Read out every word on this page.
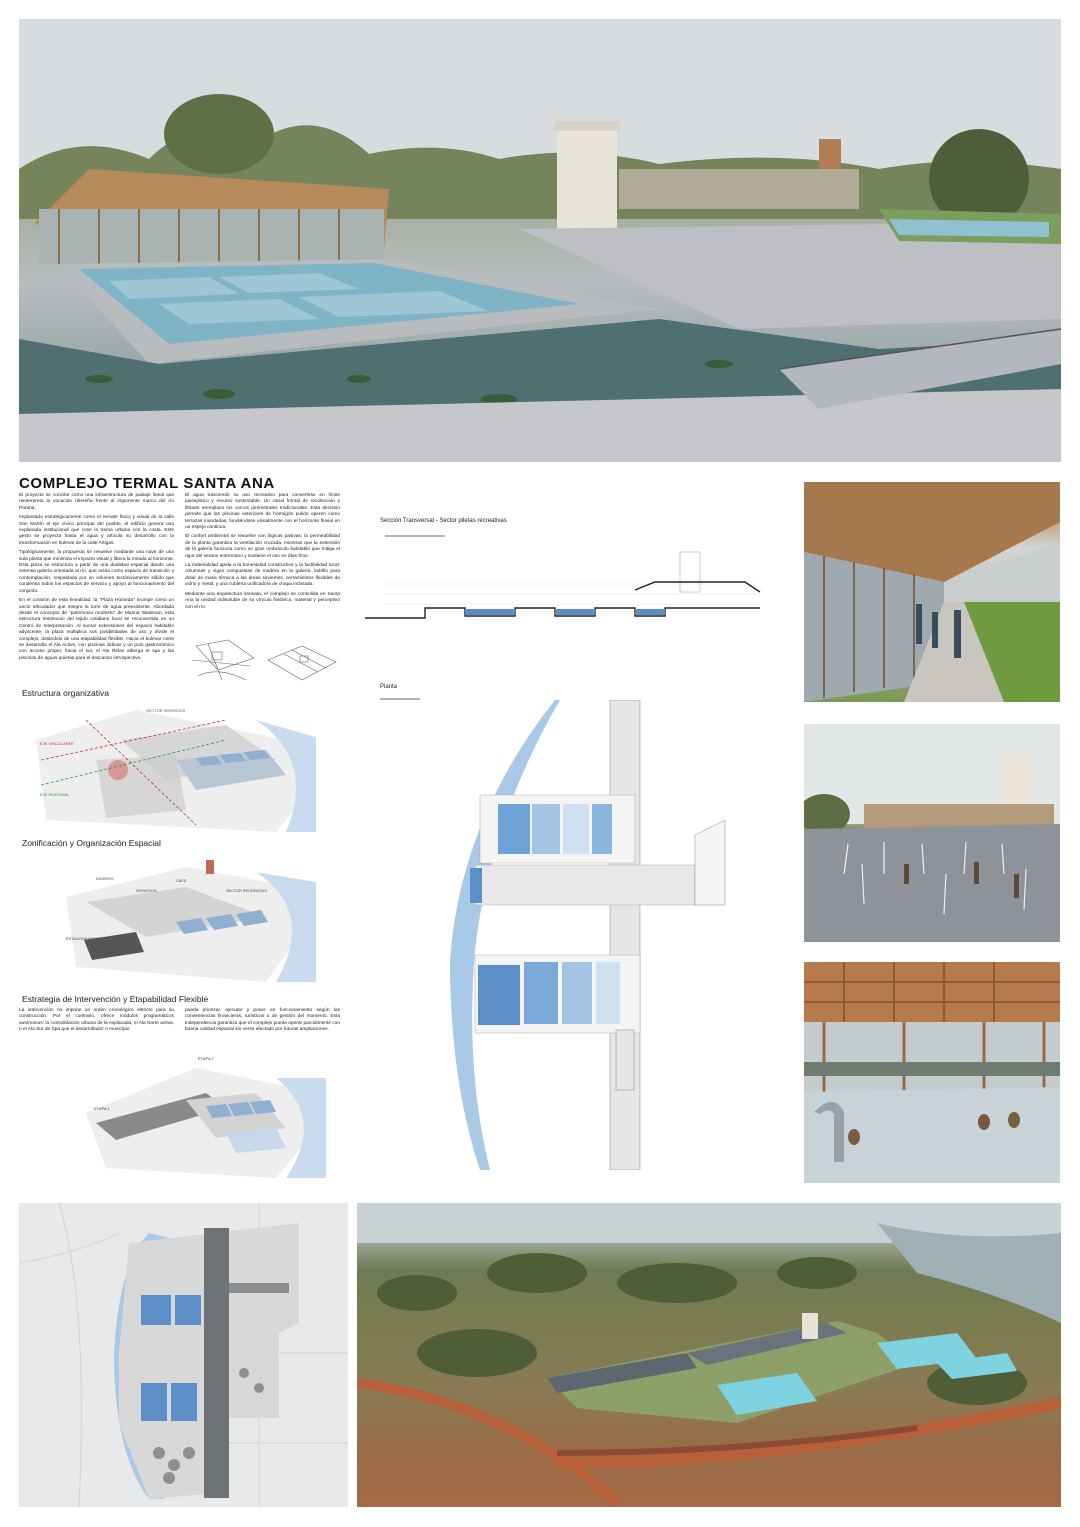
COMPLEJO TERMAL SANTA ANA

El proyecto se concibe como una infraestructura de paisaje lineal que reinterpreta la vocación ribereña frente al imponente marco del río Paraná.

Implantado estratégicamente como el remate físico y visual de la calle San Martín el eje cívico principal del pueblo, el edificio genera una explanada institucional que cose la trama urbana con la costa. Este gesto se proyecta hasta el agua y articula su desarrollo con la transformación en bulevar de la calle Artigas.

Tipológicamente, la propuesta se resuelve mediante una nave de una sola planta que minimiza el impacto visual y libera la mirada al horizonte. Esta pieza se estructura a partir de una dualidad espacial dando una extensa galería orientada al río, que actúa como espacio de transición y contemplación, respaldada por un volumen tectónicamente sólido que condensa todos los espacios de servicio y apoyo al funcionamiento del conjunto.

En el corazón de esta linealidad, la "Plaza Húmeda" irrumpe como un vacío articulador que integra la torre de agua preexistente. Abordada desde el concepto de "patrimonio modesto" de Marina Waisman, esta estructura testimonio del tejido cotidiano local se reconvertida en un Centro de Interpretación. Al sumar extensiones del espacio habitable adyacente, la plaza multiplica sus posibilidades de uso y divide el complejo, dotándolo de una etapabilidad flexible. Hacia el bulevar norte se desarrolla el Ala Active, con piscinas lúdicas y un polo gastronómico con acceso propio; hacia el sur, el Ala Relax alberga el spa y las piscinas de aguas quietas para el descanso introspectivo.

El agua trasciende su uso recreativo para convertirse en límite paisajístico y recurso sustentable. Un canal frontal de recolección y filtrado reemplaza los cercos perimetrales tradicionales. Esta decisión permite que las piscinas exteriores de hormigón pulido operen como terrazas inundadas, fundiéndose visualmente con el horizonte fluvial en un espejo continuo.

El confort ambiental se resuelve con lógicas pasivas: la permeabilidad de la planta garantiza la ventilación cruzada, mientras que la extensión de la galería funciona como un gran umbráculo habitable que mitiga el rigor del verano entrerriano y sostiene el uso en días fríos.

La materialidad apela a la honestidad constructiva y la factibilidad local: columnas y vigas compuestas de madera en la galería, ladrillo para dotar de masa térmica a las áreas sirvientes, cerramientos flexibles de vidrio y metal, y una cubierta unificadora de chapa inclinada.

Mediante una arquitectura sensata, el complejo se consolida en Santa Ana la unidad indisoluble de su vínculo histórico, material y perceptivo con el río.

Estructura organizativa
EJE VINCULANTE
EJE PEATONAL
SECTOR SERVICIOS
Zonificación y Organización Espacial
INGRESO
SERVICIOS
CAFE
SECTOR RECREATIVO
ESTACIONAMIENTO
Estrategia de Intervención y Etapabilidad Flexible
La intervención no impone un orden cronológico estricto para su construcción. Por el contrario, ofrece módulos programáticos autónomos: la consolidación urbana de la explanada, el Ala Norte activa, o el Ala Sur de Spa que el desarrollador o municipio
pueda priorizar, ejecutar y poner en funcionamiento según las conveniencias financieras, turísticas o de gestión del momento. Esta independencia garantiza que el complejo pueda operar parcialmente con buena calidad espacial sin verse afectado por futuras ampliaciones.
ETAPA 1
ETAPA 2
Sección Transversal - Sector piletas recreativas
Planta
